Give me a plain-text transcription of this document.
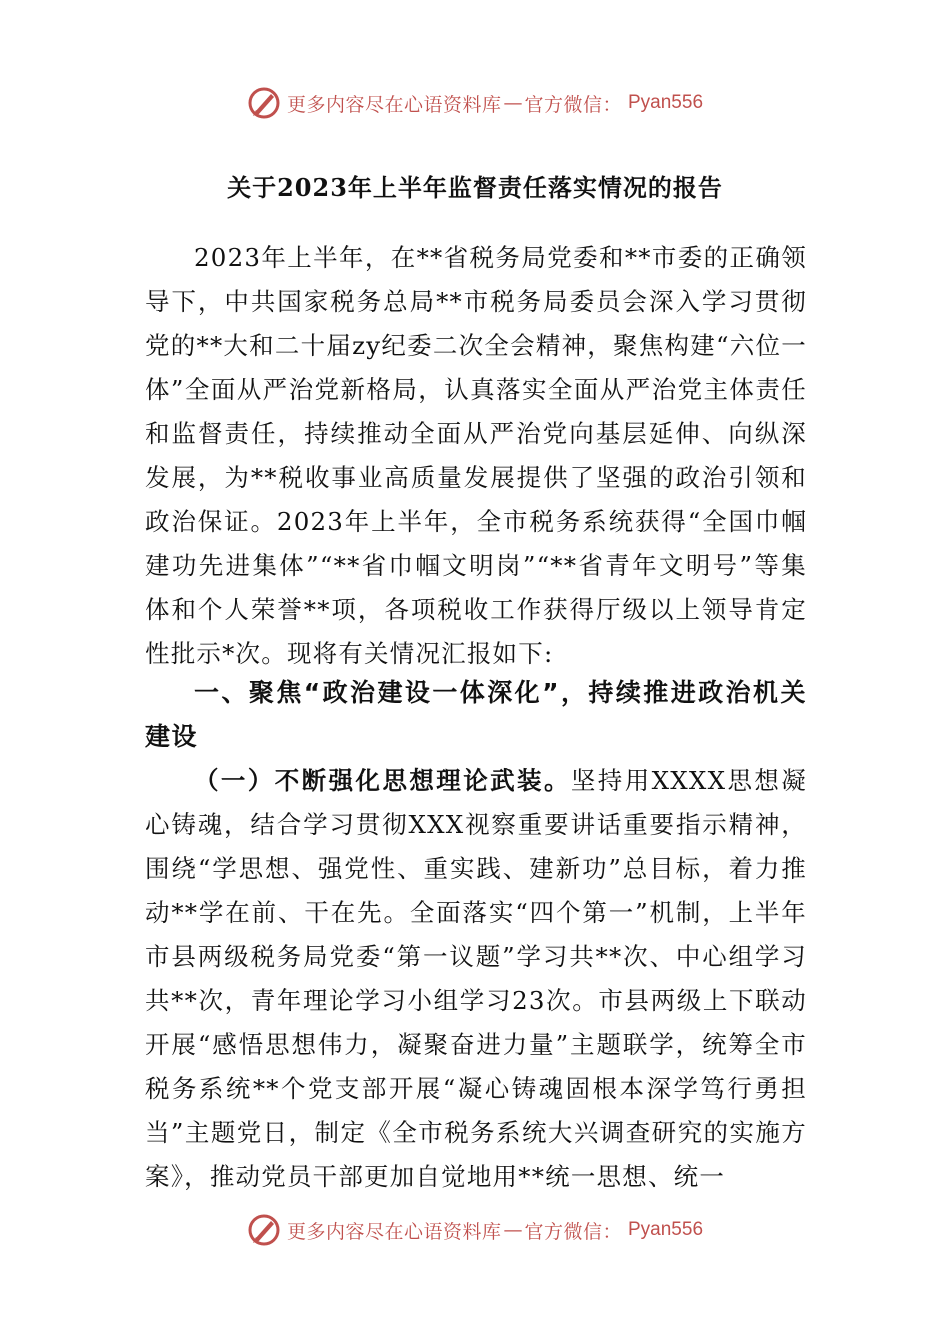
更多内容尽在心语资料库 — 官方微信： Pyan556
关于2023年上半年监督责任落实情况的报告
2023年上半年，在**省税务局党委和**市委的正确领导下，中共国家税务总局**市税务局委员会深入学习贯彻党的**大和二十届zy纪委二次全会精神，聚焦构建“六位一体”全面从严治党新格局，认真落实全面从严治党主体责任和监督责任，持续推动全面从严治党向基层延伸、向纵深发展，为**税收事业高质量发展提供了坚强的政治引领和政治保证。2023年上半年，全市税务系统获得“全国巾帼建功先进集体”“**省巾帼文明岗”“**省青年文明号”等集体和个人荣誉**项，各项税收工作获得厅级以上领导肯定性批示*次。现将有关情况汇报如下:
一、聚焦“政治建设一体深化”，持续推进政治机关建设
（一）不断强化思想理论武装。坚持用XXXX思想凝心铸魂，结合学习贯彻XXX视察重要讲话重要指示精神，围绕“学思想、强党性、重实践、建新功”总目标，着力推动**学在前、干在先。全面落实“四个第一”机制，上半年市县两级税务局党委“第一议题”学习共**次、中心组学习共**次，青年理论学习小组学习23次。市县两级上下联动开展“感悟思想伟力，凝聚奋进力量”主题联学，统筹全市税务系统**个党支部开展“凝心铸魂固根本深学笃行勇担当”主题党日，制定《全市税务系统大兴调查研究的实施方案》，推动党员干部更加自觉地用**统一思想、统一
更多内容尽在心语资料库 — 官方微信： Pyan556
